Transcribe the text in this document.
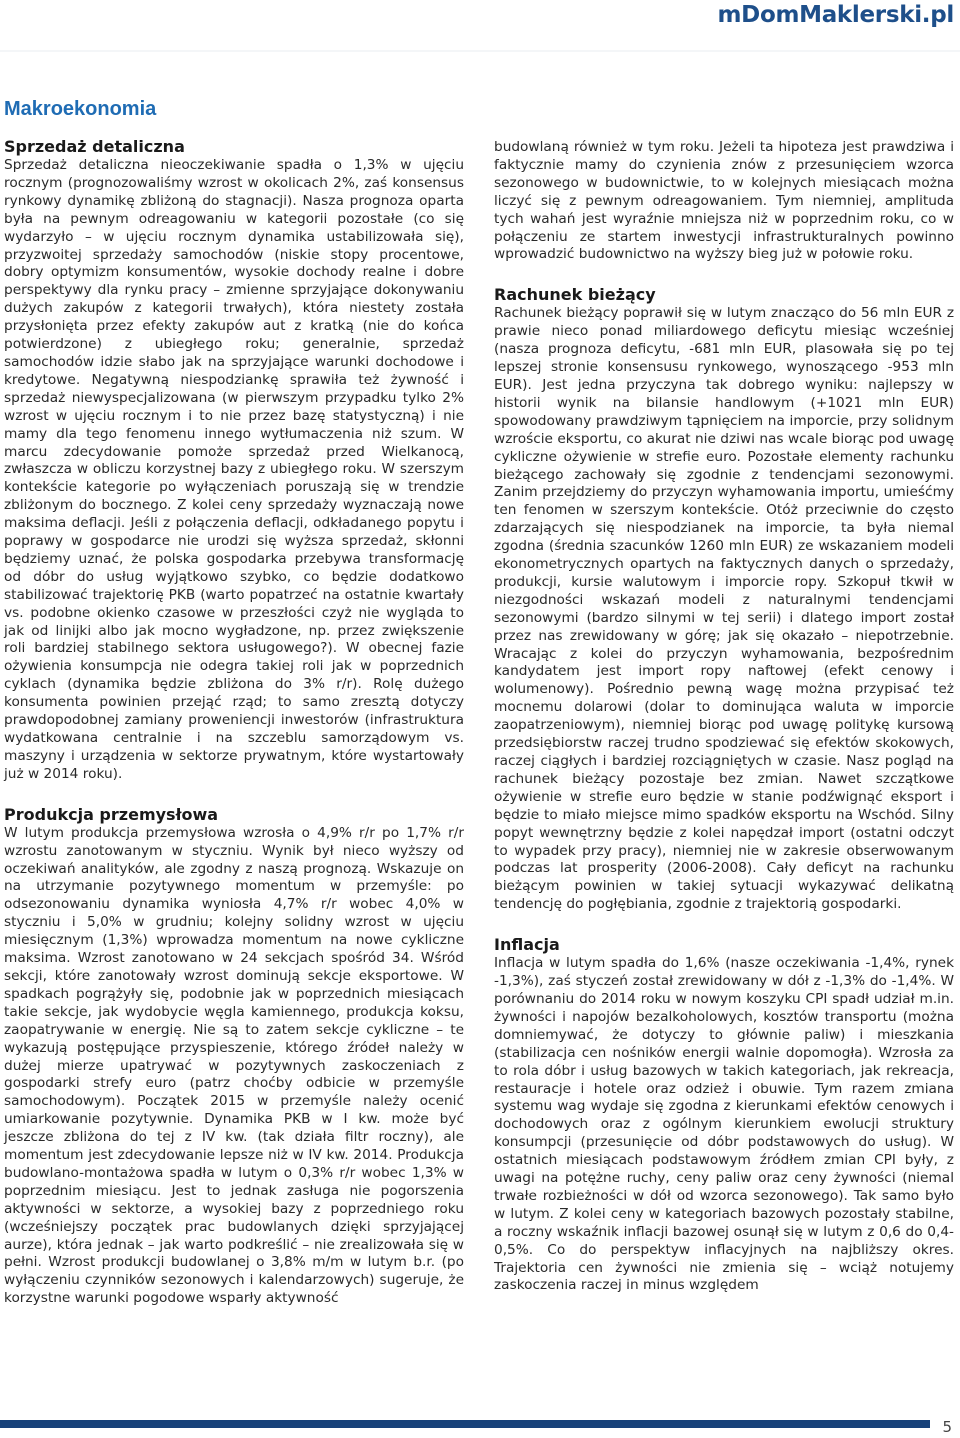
mDomMaklerski.pl
Makroekonomia
Sprzedaż detaliczna

Sprzedaż detaliczna nieoczekiwanie spadła o 1,3% w ujęciu rocznym (prognozowaliśmy wzrost w okolicach 2%, zaś konsensus rynkowy dynamikę zbliżoną do stagnacji). Nasza prognoza oparta była na pewnym odreagowaniu w kategorii pozostałe (co się wydarzyło – w ujęciu rocznym dynamika ustabilizowała się), przyzwoitej sprzedaży samochodów (niskie stopy procentowe, dobry optymizm konsumentów, wysokie dochody realne i dobre perspektywy dla rynku pracy – zmienne sprzyjające dokonywaniu dużych zakupów z kategorii trwałych), która niestety została przysłonięta przez efekty zakupów aut z kratką (nie do końca potwierdzone) z ubiegłego roku; generalnie, sprzedaż samochodów idzie słabo jak na sprzyjające warunki dochodowe i kredytowe. Negatywną niespodziankę sprawiła też żywność i sprzedaż niewyspecjalizowana (w pierwszym przypadku tylko 2% wzrost w ujęciu rocznym i to nie przez bazę statystyczną) i nie mamy dla tego fenomenu innego wytłumaczenia niż szum. W marcu zdecydowanie pomoże sprzedaż przed Wielkanocą, zwłaszcza w obliczu korzystnej bazy z ubiegłego roku. W szerszym kontekście kategorie po wyłączeniach poruszają się w trendzie zbliżonym do bocznego. Z kolei ceny sprzedaży wyznaczają nowe maksima deflacji. Jeśli z połączenia deflacji, odkładanego popytu i poprawy w gospodarce nie urodzi się wyższa sprzedaż, skłonni będziemy uznać, że polska gospodarka przebywa transformację od dóbr do usług wyjątkowo szybko, co będzie dodatkowo stabilizować trajektorię PKB (warto popatrzeć na ostatnie kwartały vs. podobne okienko czasowe w przeszłości czyż nie wygląda to jak od linijki albo jak mocno wygładzone, np. przez zwiększenie roli bardziej stabilnego sektora usługowego?). W obecnej fazie ożywienia konsumpcja nie odegra takiej roli jak w poprzednich cyklach (dynamika będzie zbliżona do 3% r/r). Rolę dużego konsumenta powinien przejąć rząd; to samo zresztą dotyczy prawdopodobnej zamiany proweniencji inwestorów (infrastruktura wydatkowana centralnie i na szczeblu samorządowym vs. maszyny i urządzenia w sektorze prywatnym, które wystartowały już w 2014 roku).

Produkcja przemysłowa

W lutym produkcja przemysłowa wzrosła o 4,9% r/r po 1,7% r/r wzrostu zanotowanym w styczniu. Wynik był nieco wyższy od oczekiwań analityków, ale zgodny z naszą prognozą. Wskazuje on na utrzymanie pozytywnego momentum w przemyśle: po odsezonowaniu dynamika wyniosła 4,7% r/r wobec 4,0% w styczniu i 5,0% w grudniu; kolejny solidny wzrost w ujęciu miesięcznym (1,3%) wprowadza momentum na nowe cykliczne maksima. Wzrost zanotowano w 24 sekcjach spośród 34. Wśród sekcji, które zanotowały wzrost dominują sekcje eksportowe. W spadkach pogrążyły się, podobnie jak w poprzednich miesiącach takie sekcje, jak wydobycie węgla kamiennego, produkcja koksu, zaopatrywanie w energię. Nie są to zatem sekcje cykliczne – te wykazują postępujące przyspieszenie, którego źródeł należy w dużej mierze upatrywać w pozytywnych zaskoczeniach z gospodarki strefy euro (patrz choćby odbicie w przemyśle samochodowym). Początek 2015 w przemyśle należy ocenić umiarkowanie pozytywnie. Dynamika PKB w I kw. może być jeszcze zbliżona do tej z IV kw. (tak działa filtr roczny), ale momentum jest zdecydowanie lepsze niż w IV kw. 2014. Produkcja budowlano-montażowa spadła w lutym o 0,3% r/r wobec 1,3% w poprzednim miesiącu. Jest to jednak zasługa nie pogorszenia aktywności w sektorze, a wysokiej bazy z poprzedniego roku (wcześniejszy początek prac budowlanych dzięki sprzyjającej aurze), która jednak – jak warto podkreślić – nie zrealizowała się w pełni. Wzrost produkcji budowlanej o 3,8% m/m w lutym b.r. (po wyłączeniu czynników sezonowych i kalendarzowych) sugeruje, że korzystne warunki pogodowe wsparły aktywność

budowlaną również w tym roku. Jeżeli ta hipoteza jest prawdziwa i faktycznie mamy do czynienia znów z przesunięciem wzorca sezonowego w budownictwie, to w kolejnych miesiącach można liczyć się z pewnym odreagowaniem. Tym niemniej, amplituda tych wahań jest wyraźnie mniejsza niż w poprzednim roku, co w połączeniu ze startem inwestycji infrastrukturalnych powinno wprowadzić budownictwo na wyższy bieg już w połowie roku.

Rachunek bieżący

Rachunek bieżący poprawił się w lutym znacząco do 56 mln EUR z prawie nieco ponad miliardowego deficytu miesiąc wcześniej (nasza prognoza deficytu, -681 mln EUR, plasowała się po tej lepszej stronie konsensusu rynkowego, wynoszącego -953 mln EUR). Jest jedna przyczyna tak dobrego wyniku: najlepszy w historii wynik na bilansie handlowym (+1021 mln EUR) spowodowany prawdziwym tąpnięciem na imporcie, przy solidnym wzroście eksportu, co akurat nie dziwi nas wcale biorąc pod uwagę cykliczne ożywienie w strefie euro. Pozostałe elementy rachunku bieżącego zachowały się zgodnie z tendencjami sezonowymi. Zanim przejdziemy do przyczyn wyhamowania importu, umieśćmy ten fenomen w szerszym kontekście. Otóż przeciwnie do często zdarzających się niespodzianek na imporcie, ta była niemal zgodna (średnia szacunków 1260 mln EUR) ze wskazaniem modeli ekonometrycznych opartych na faktycznych danych o sprzedaży, produkcji, kursie walutowym i imporcie ropy. Szkopuł tkwił w niezgodności wskazań modeli z naturalnymi tendencjami sezonowymi (bardzo silnymi w tej serii) i dlatego import został przez nas zrewidowany w górę; jak się okazało – niepotrzebnie. Wracając z kolei do przyczyn wyhamowania, bezpośrednim kandydatem jest import ropy naftowej (efekt cenowy i wolumenowy). Pośrednio pewną wagę można przypisać też mocnemu dolarowi (dolar to dominująca waluta w imporcie zaopatrzeniowym), niemniej biorąc pod uwagę politykę kursową przedsiębiorstw raczej trudno spodziewać się efektów skokowych, raczej ciągłych i bardziej rozciągniętych w czasie. Nasz pogląd na rachunek bieżący pozostaje bez zmian. Nawet szczątkowe ożywienie w strefie euro będzie w stanie podźwignąć eksport i będzie to miało miejsce mimo spadków eksportu na Wschód. Silny popyt wewnętrzny będzie z kolei napędzał import (ostatni odczyt to wypadek przy pracy), niemniej nie w zakresie obserwowanym podczas lat prosperity (2006-2008). Cały deficyt na rachunku bieżącym powinien w takiej sytuacji wykazywać delikatną tendencję do pogłębiania, zgodnie z trajektorią gospodarki.

Inflacja

Inflacja w lutym spadła do 1,6% (nasze oczekiwania -1,4%, rynek -1,3%), zaś styczeń został zrewidowany w dół z -1,3% do -1,4%. W porównaniu do 2014 roku w nowym koszyku CPI spadł udział m.in. żywności i napojów bezalkoholowych, kosztów transportu (można domniemywać, że dotyczy to głównie paliw) i mieszkania (stabilizacja cen nośników energii walnie dopomogła). Wzrosła za to rola dóbr i usług bazowych w takich kategoriach, jak rekreacja, restauracje i hotele oraz odzież i obuwie. Tym razem zmiana systemu wag wydaje się zgodna z kierunkami efektów cenowych i dochodowych oraz z ogólnym kierunkiem ewolucji struktury konsumpcji (przesunięcie od dóbr podstawowych do usług). W ostatnich miesiącach podstawowym źródłem zmian CPI były, z uwagi na potężne ruchy, ceny paliw oraz ceny żywności (niemal trwałe rozbieżności w dół od wzorca sezonowego). Tak samo było w lutym. Z kolei ceny w kategoriach bazowych pozostały stabilne, a roczny wskaźnik inflacji bazowej osunął się w lutym z 0,6 do 0,4-0,5%. Co do perspektyw inflacyjnych na najbliższy okres. Trajektoria cen żywności nie zmienia się – wciąż notujemy zaskoczenia raczej in minus względem

5
